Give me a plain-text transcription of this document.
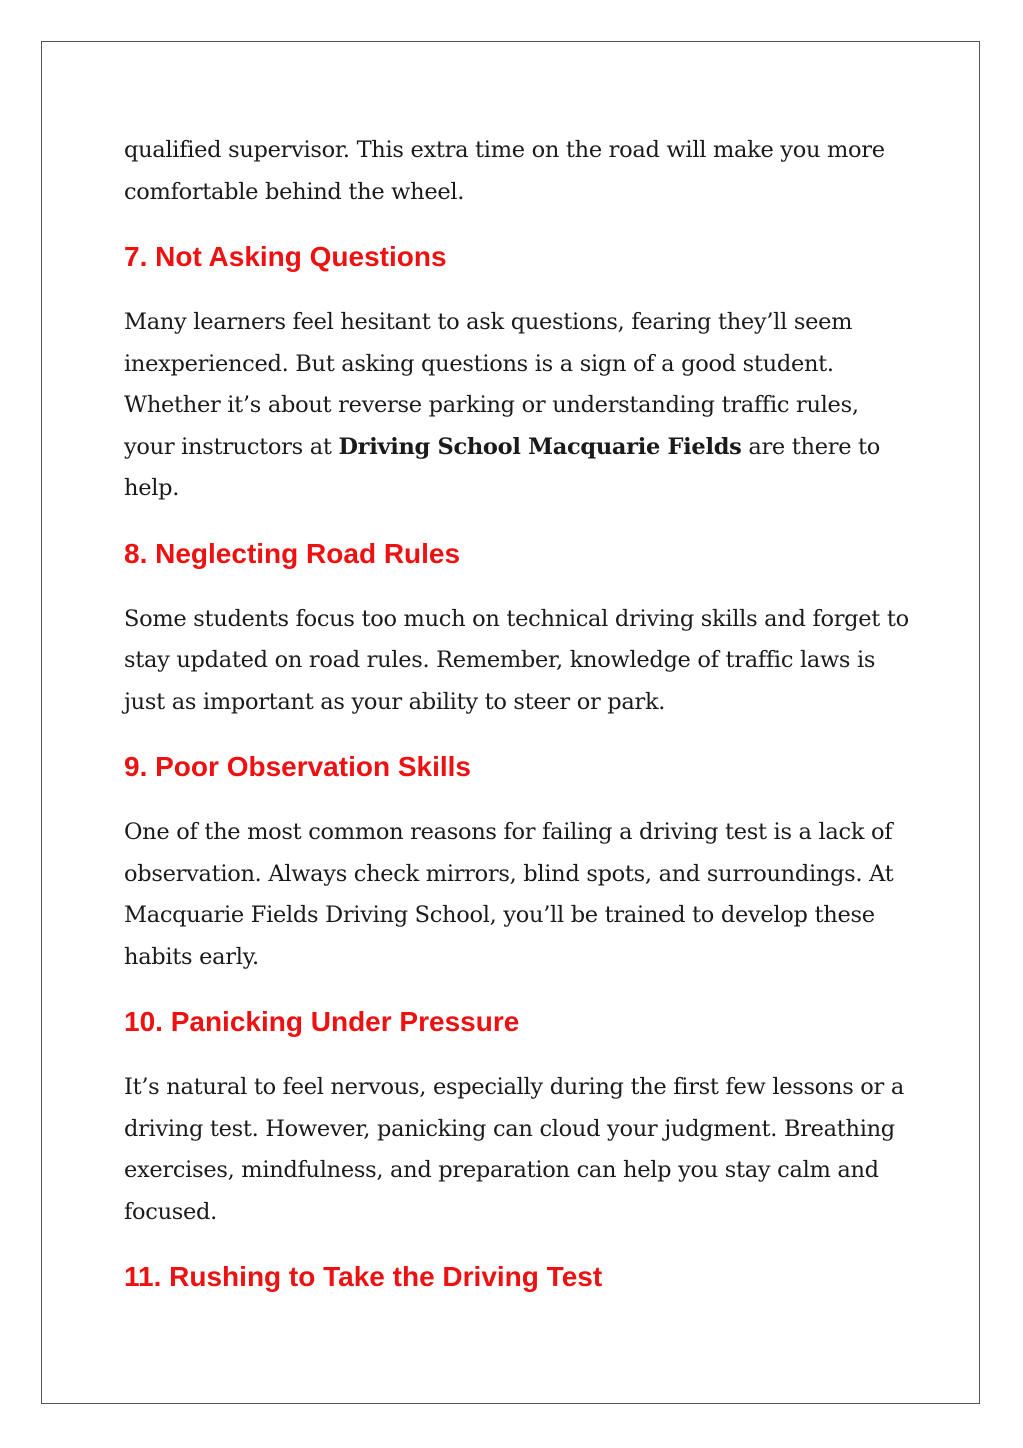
qualified supervisor. This extra time on the road will make you more comfortable behind the wheel.

7. Not Asking Questions

Many learners feel hesitant to ask questions, fearing they’ll seem inexperienced. But asking questions is a sign of a good student. Whether it’s about reverse parking or understanding traffic rules, your instructors at Driving School Macquarie Fields are there to help.

8. Neglecting Road Rules

Some students focus too much on technical driving skills and forget to stay updated on road rules. Remember, knowledge of traffic laws is just as important as your ability to steer or park.

9. Poor Observation Skills

One of the most common reasons for failing a driving test is a lack of observation. Always check mirrors, blind spots, and surroundings. At Macquarie Fields Driving School, you’ll be trained to develop these habits early.

10. Panicking Under Pressure

It’s natural to feel nervous, especially during the first few lessons or a driving test. However, panicking can cloud your judgment. Breathing exercises, mindfulness, and preparation can help you stay calm and focused.

11. Rushing to Take the Driving Test
